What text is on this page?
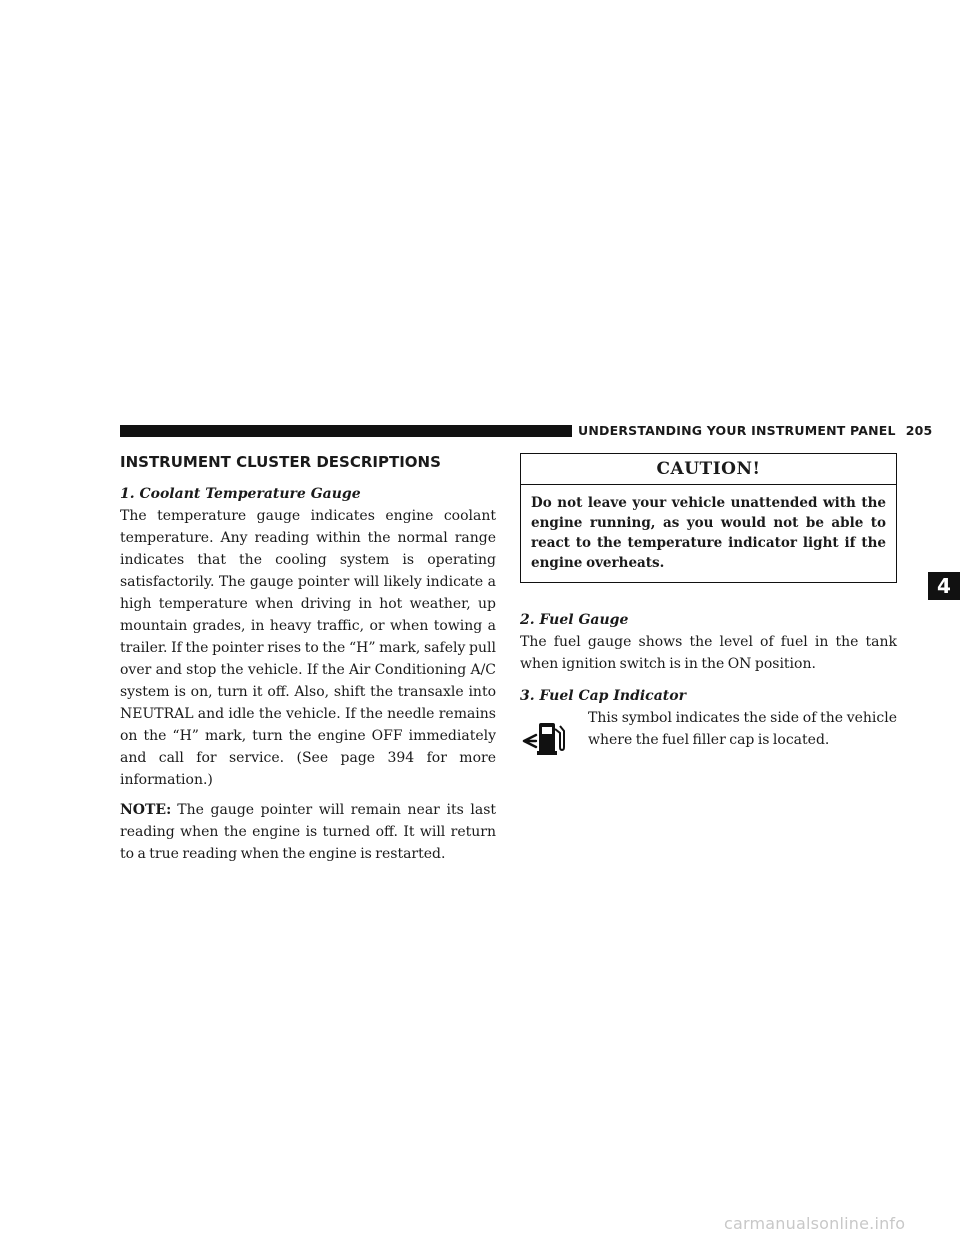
UNDERSTANDING YOUR INSTRUMENT PANEL 205
INSTRUMENT CLUSTER DESCRIPTIONS

1. Coolant Temperature Gauge

The temperature gauge indicates engine coolant temperature. Any reading within the normal range indicates that the cooling system is operating satisfactorily. The gauge pointer will likely indicate a high temperature when driving in hot weather, up mountain grades, in heavy traffic, or when towing a trailer. If the pointer rises to the “H” mark, safely pull over and stop the vehicle. If the Air Conditioning A/C system is on, turn it off. Also, shift the transaxle into NEUTRAL and idle the vehicle. If the needle remains on the “H” mark, turn the engine OFF immediately and call for service. (See page 394 for more information.)

NOTE: The gauge pointer will remain near its last reading when the engine is turned off. It will return to a true reading when the engine is restarted.

CAUTION!
Do not leave your vehicle unattended with the engine running, as you would not be able to react to the temperature indicator light if the engine overheats.

2. Fuel Gauge

The fuel gauge shows the level of fuel in the tank when ignition switch is in the ON position.

3. Fuel Cap Indicator

This symbol indicates the side of the vehicle where the fuel filler cap is located.

4
carmanualsonline.info
